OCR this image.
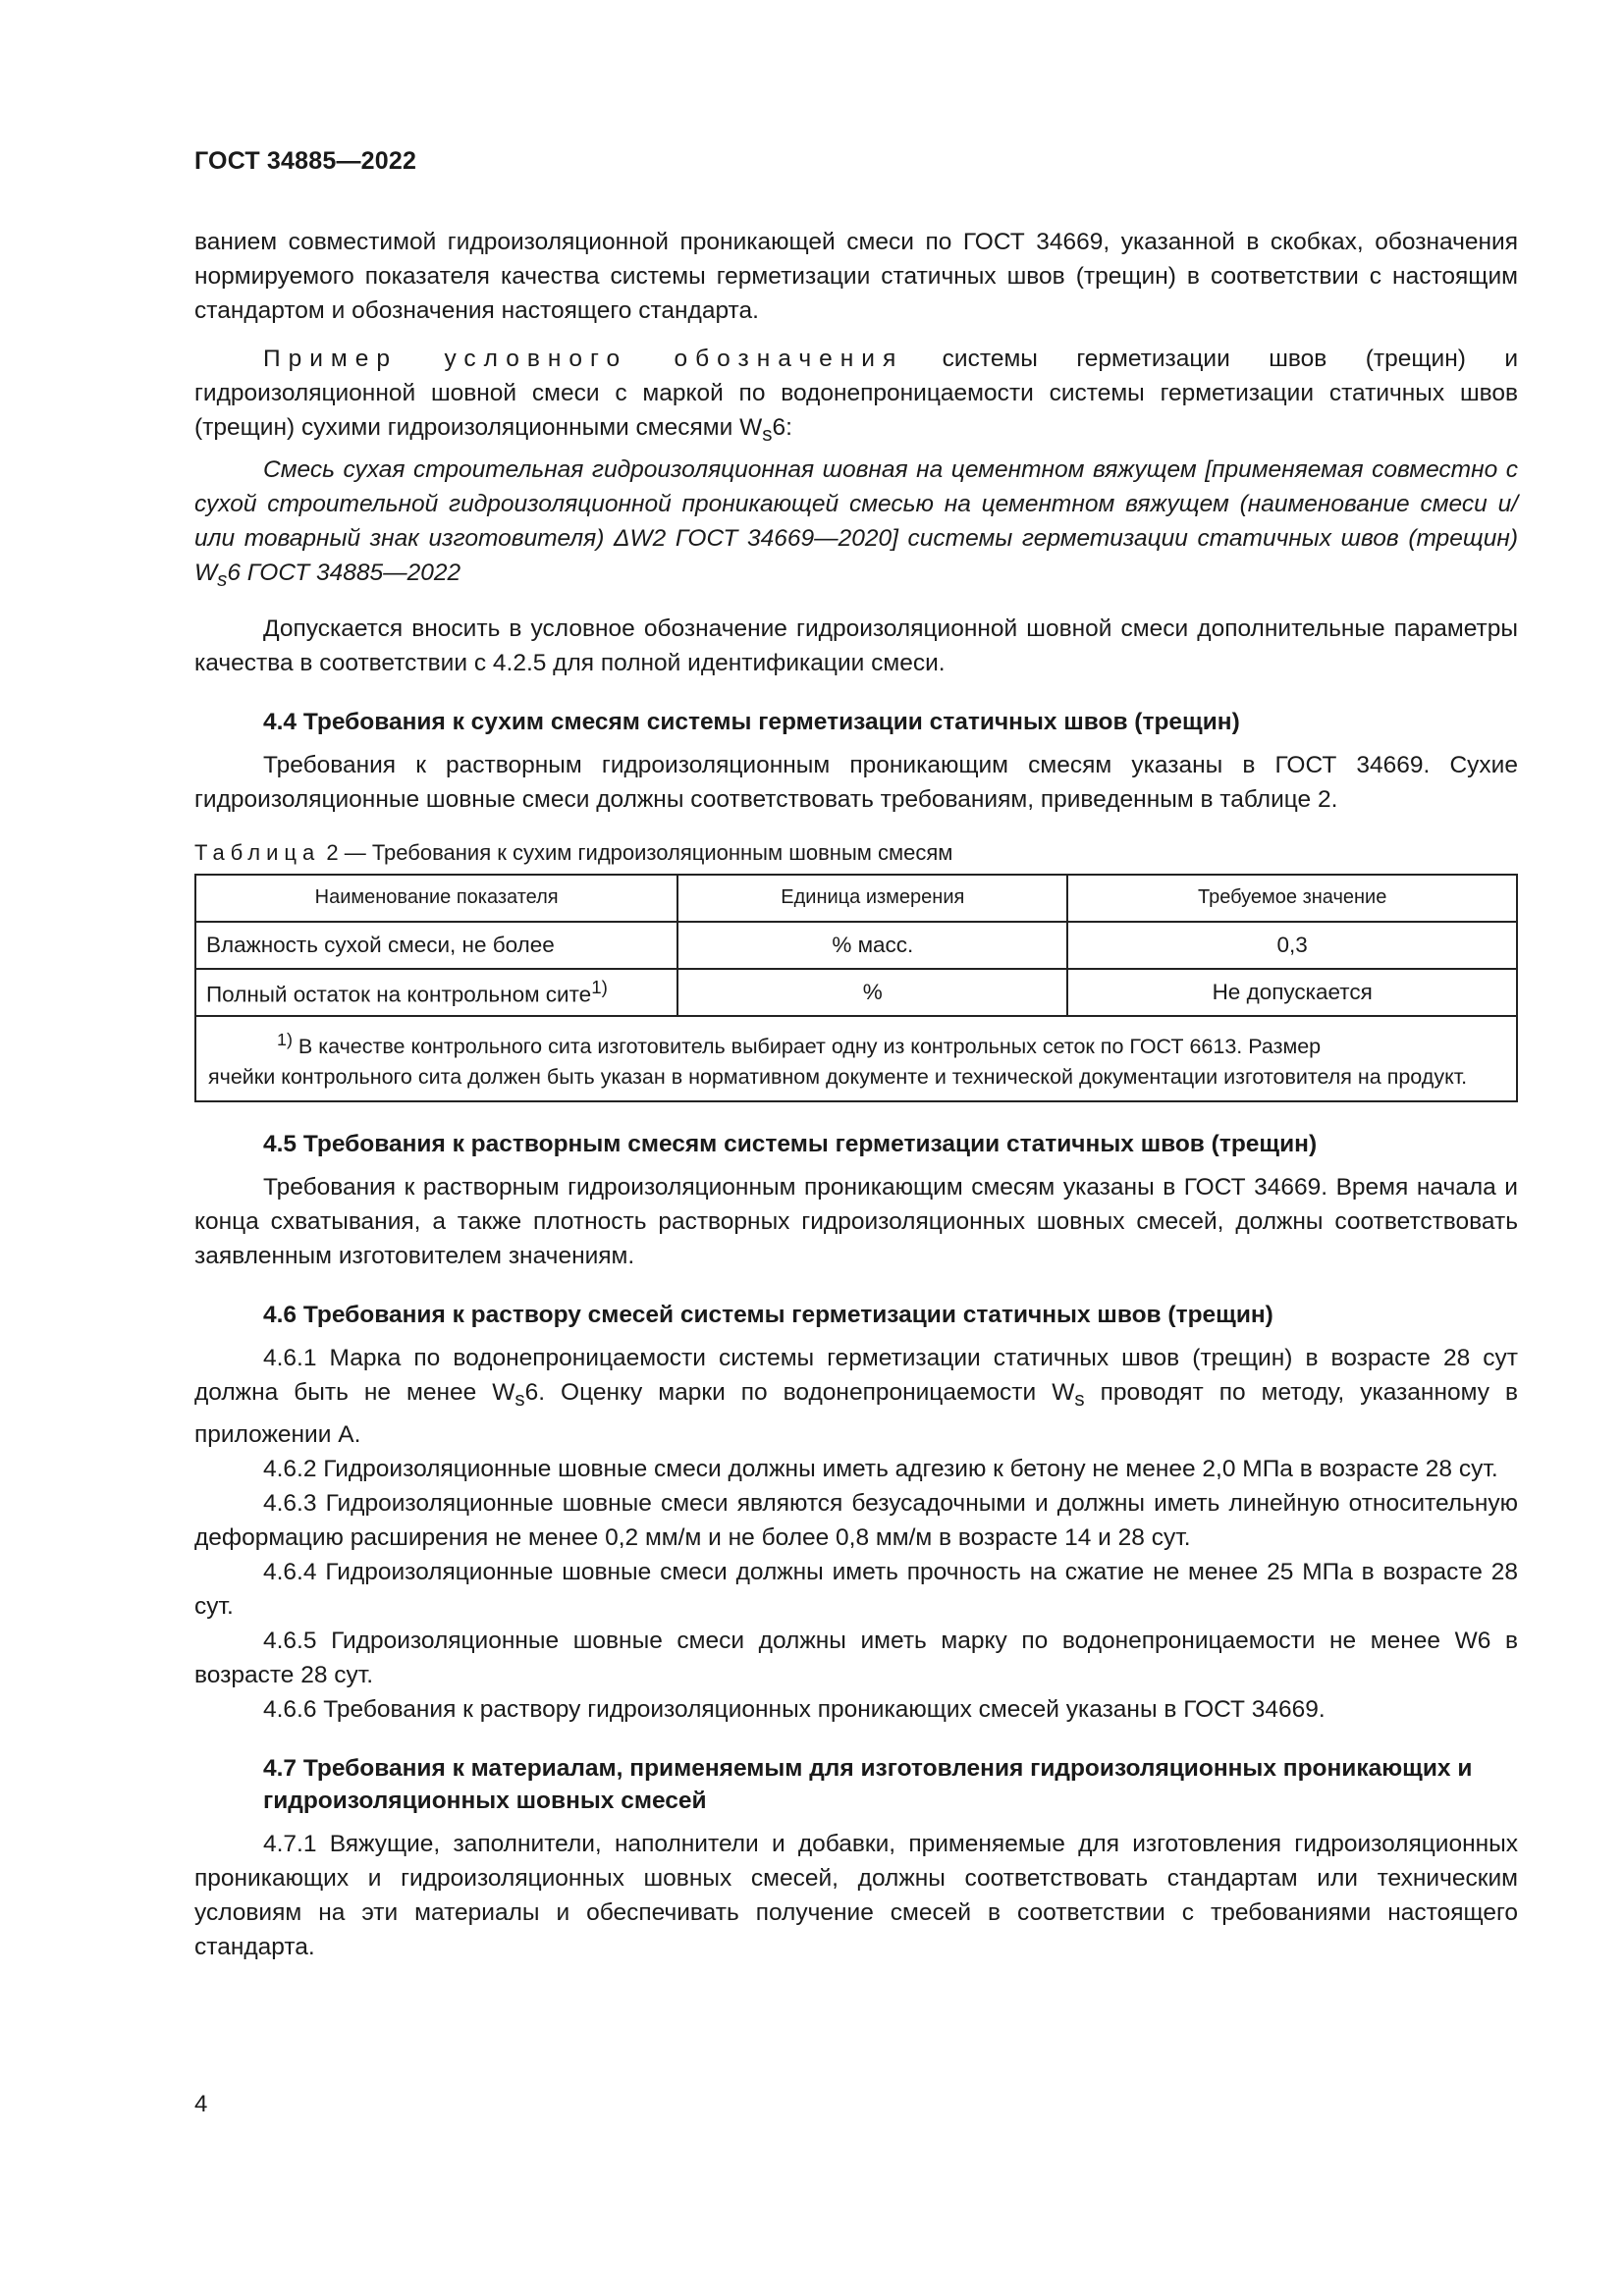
ГОСТ 34885—2022

ванием совместимой гидроизоляционной проникающей смеси по ГОСТ 34669, указанной в скобках, обозначения нормируемого показателя качества системы герметизации статичных швов (трещин) в соответствии с настоящим стандартом и обозначения настоящего стандарта.

Пример условного обозначения системы герметизации швов (трещин) и гидроизоляционной шовной смеси с маркой по водонепроницаемости системы герметизации статичных швов (трещин) сухими гидроизоляционными смесями $W_s6$:

Смесь сухая строительная гидроизоляционная шовная на цементном вяжущем [применяемая совместно с сухой строительной гидроизоляционной проникающей смесью на цементном вяжущем (наименование смеси и/или товарный знак изготовителя) ΔW2 ГОСТ 34669—2020] системы герметизации статичных швов (трещин) $W_s6$ ГОСТ 34885—2022

Допускается вносить в условное обозначение гидроизоляционной шовной смеси дополнительные параметры качества в соответствии с 4.2.5 для полной идентификации смеси.

4.4 Требования к сухим смесям системы герметизации статичных швов (трещин)

Требования к растворным гидроизоляционным проникающим смесям указаны в ГОСТ 34669. Сухие гидроизоляционные шовные смеси должны соответствовать требованиям, приведенным в таблице 2.

Таблица 2 — Требования к сухим гидроизоляционным шовным смесям
Наименование показателя	Единица измерения	Требуемое значение
Влажность сухой смеси, не более	% масс.	0,3
Полный остаток на контрольном сите$^{1)}$	%	Не допускается

$^{1)}$ В качестве контрольного сита изготовитель выбирает одну из контрольных сеток по ГОСТ 6613. Размер
ячейки контрольного сита должен быть указан в нормативном документе и технической документации изготовителя на продукт.		
4.5 Требования к растворным смесям системы герметизации статичных швов (трещин)

Требования к растворным гидроизоляционным проникающим смесям указаны в ГОСТ 34669. Время начала и конца схватывания, а также плотность растворных гидроизоляционных шовных смесей, должны соответствовать заявленным изготовителем значениям.

4.6 Требования к раствору смесей системы герметизации статичных швов (трещин)

4.6.1 Марка по водонепроницаемости системы герметизации статичных швов (трещин) в возрасте 28 сут должна быть не менее $W_s6$. Оценку марки по водонепроницаемости $W_s$ проводят по методу, указанному в приложении А.

4.6.2 Гидроизоляционные шовные смеси должны иметь адгезию к бетону не менее 2,0 МПа в возрасте 28 сут.

4.6.3 Гидроизоляционные шовные смеси являются безусадочными и должны иметь линейную относительную деформацию расширения не менее 0,2 мм/м и не более 0,8 мм/м в возрасте 14 и 28 сут.

4.6.4 Гидроизоляционные шовные смеси должны иметь прочность на сжатие не менее 25 МПа в возрасте 28 сут.

4.6.5 Гидроизоляционные шовные смеси должны иметь марку по водонепроницаемости не менее W6 в возрасте 28 сут.

4.6.6 Требования к раствору гидроизоляционных проникающих смесей указаны в ГОСТ 34669.

4.7 Требования к материалам, применяемым для изготовления гидроизоляционных проникающих и гидроизоляционных шовных смесей

4.7.1 Вяжущие, заполнители, наполнители и добавки, применяемые для изготовления гидроизоляционных проникающих и гидроизоляционных шовных смесей, должны соответствовать стандартам или техническим условиям на эти материалы и обеспечивать получение смесей в соответствии с требованиями настоящего стандарта.

4
